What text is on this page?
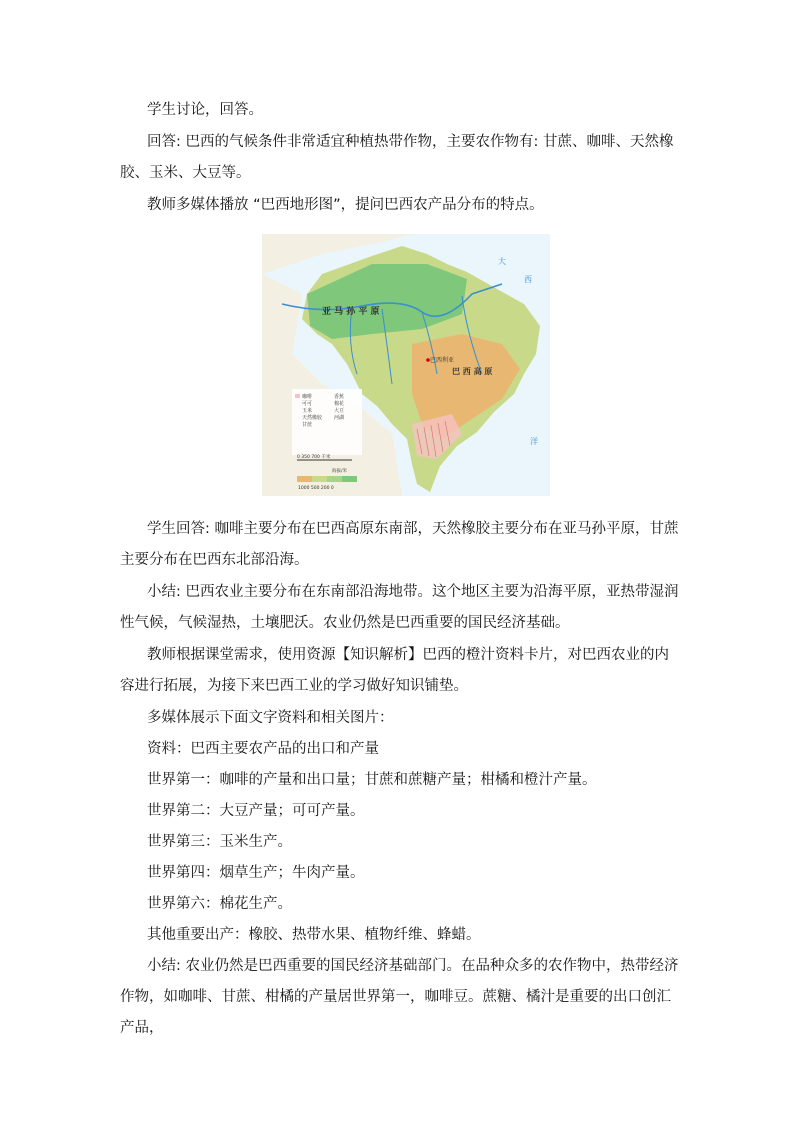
学生讨论，回答。

回答: 巴西的气候条件非常适宜种植热带作物，主要农作物有: 甘蔗、咖啡、天然橡胶、玉米、大豆等。

教师多媒体播放 “巴西地形图”，提问巴西农产品分布的特点。

亚 马 孙 平 原
巴 西 高 原
巴西利亚
大
西
洋
咖啡
可可
玉米
天然橡胶
甘蔗
香蕉
棉花
大豆
河湖
0 350 700 千米
海拔/米
1000 500 200 0

学生回答: 咖啡主要分布在巴西高原东南部，天然橡胶主要分布在亚马孙平原，甘蔗主要分布在巴西东北部沿海。

小结: 巴西农业主要分布在东南部沿海地带。这个地区主要为沿海平原，亚热带湿润性气候，气候湿热，土壤肥沃。农业仍然是巴西重要的国民经济基础。

教师根据课堂需求，使用资源【知识解析】巴西的橙汁资料卡片，对巴西农业的内容进行拓展，为接下来巴西工业的学习做好知识铺垫。

多媒体展示下面文字资料和相关图片：

资料：巴西主要农产品的出口和产量

世界第一：咖啡的产量和出口量；甘蔗和蔗糖产量；柑橘和橙汁产量。

世界第二：大豆产量；可可产量。

世界第三：玉米生产。

世界第四：烟草生产；牛肉产量。

世界第六：棉花生产。

其他重要出产：橡胶、热带水果、植物纤维、蜂蜡。

小结: 农业仍然是巴西重要的国民经济基础部门。在品种众多的农作物中，热带经济作物，如咖啡、甘蔗、柑橘的产量居世界第一，咖啡豆。蔗糖、橘汁是重要的出口创汇产品，
